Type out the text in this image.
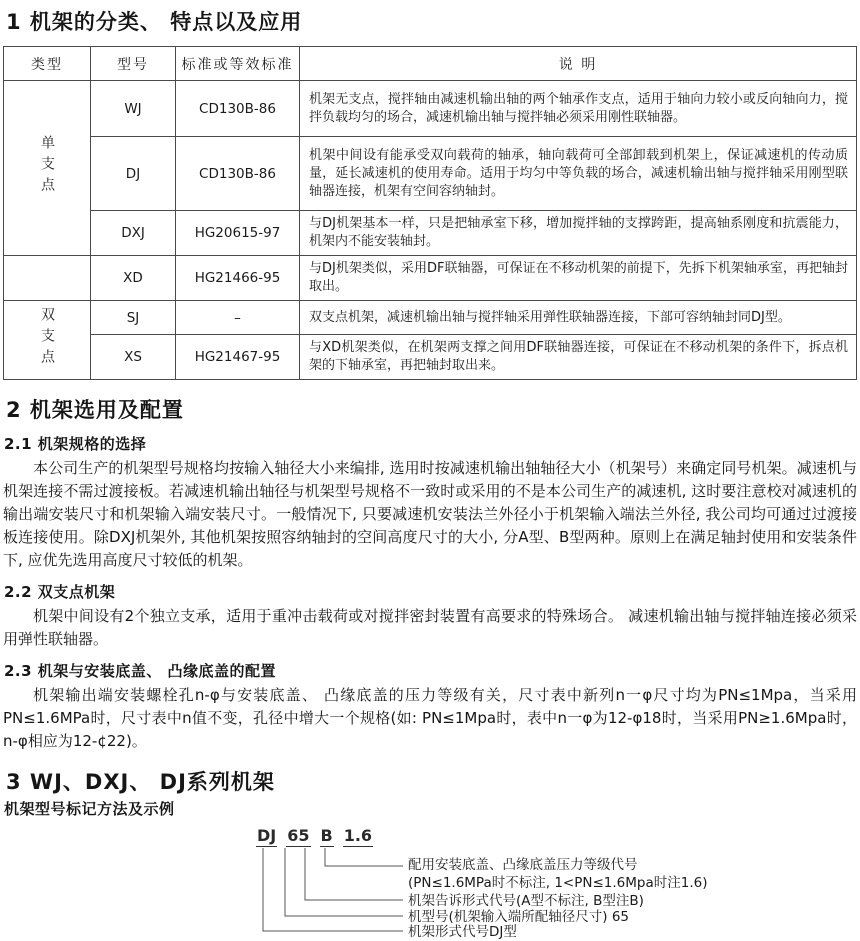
1 机架的分类、 特点以及应用
类型	型号	标准或等效标准	说 明
单支点	WJ	CD130B-86	机架无支点，搅拌轴由减速机输出轴的两个轴承作支点，适用于轴向力较小或反向轴向力，搅拌负载均匀的场合，减速机输出轴与搅拌轴必须采用刚性联轴器。
	DJ	CD130B-86	机架中间设有能承受双向载荷的轴承，轴向载荷可全部卸载到机架上，保证减速机的传动质量，延长减速机的使用寿命。适用于均匀中等负载的场合，减速机输出轴与搅拌轴采用刚型联轴器连接，机架有空间容纳轴封。
	DXJ	HG20615-97	与DJ机架基本一样，只是把轴承室下移，增加搅拌轴的支撑跨距，提高轴系刚度和抗震能力，机架内不能安装轴封。
	XD	HG21466-95	与DJ机架类似，采用DF联轴器，可保证在不移动机架的前提下，先拆下机架轴承室，再把轴封取出。
双支点	SJ	–	双支点机架，减速机输出轴与搅拌轴采用弹性联轴器连接，下部可容纳轴封同DJ型。
	XS	HG21467-95	与XD机架类似，在机架两支撑之间用DF联轴器连接，可保证在不移动机架的条件下，拆点机架的下轴承室，再把轴封取出来。
2 机架选用及配置
2.1 机架规格的选择
本公司生产的机架型号规格均按输入轴径大小来编排, 选用时按减速机输出轴轴径大小（机架号）来确定同号机架。减速机与机架连接不需过渡接板。若减速机输出轴径与机架型号规格不一致时或采用的不是本公司生产的减速机, 这时要注意校对减速机的输出端安装尺寸和机架输入端安装尺寸。一般情况下, 只要减速机安装法兰外径小于机架输入端法兰外径, 我公司均可通过过渡接板连接使用。除DXJ机架外, 其他机架按照容纳轴封的空间高度尺寸的大小, 分A型、B型两种。原则上在满足轴封使用和安装条件下, 应优先选用高度尺寸较低的机架。
2.2 双支点机架
机架中间设有2个独立支承，适用于重冲击载荷或对搅拌密封装置有高要求的特殊场合。 减速机输出轴与搅拌轴连接必须采用弹性联轴器。
2.3 机架与安装底盖、 凸缘底盖的配置
机架输出端安装螺栓孔n-φ与安装底盖、 凸缘底盖的压力等级有关，尺寸表中新列n一φ尺寸均为PN≤1Mpa，当采用PN≤1.6MPa时，尺寸表中n值不变，孔径中增大一个规格(如: PN≤1Mpa时，表中n一φ为12-φ18时，当采用PN≥1.6Mpa时，n-φ相应为12-¢22)。
3 WJ、DXJ、 DJ系列机架
机架型号标记方法及示例
DJ 65 B 1.6
配用安装底盖、凸缘底盖压力等级代号
(PN≤1.6MPa时不标注, 1<PN≤1.6Mpa时注1.6)
机架告诉形式代号(A型不标注, B型注B)
机型号(机架输入端所配轴径尺寸) 65
机架形式代号DJ型
